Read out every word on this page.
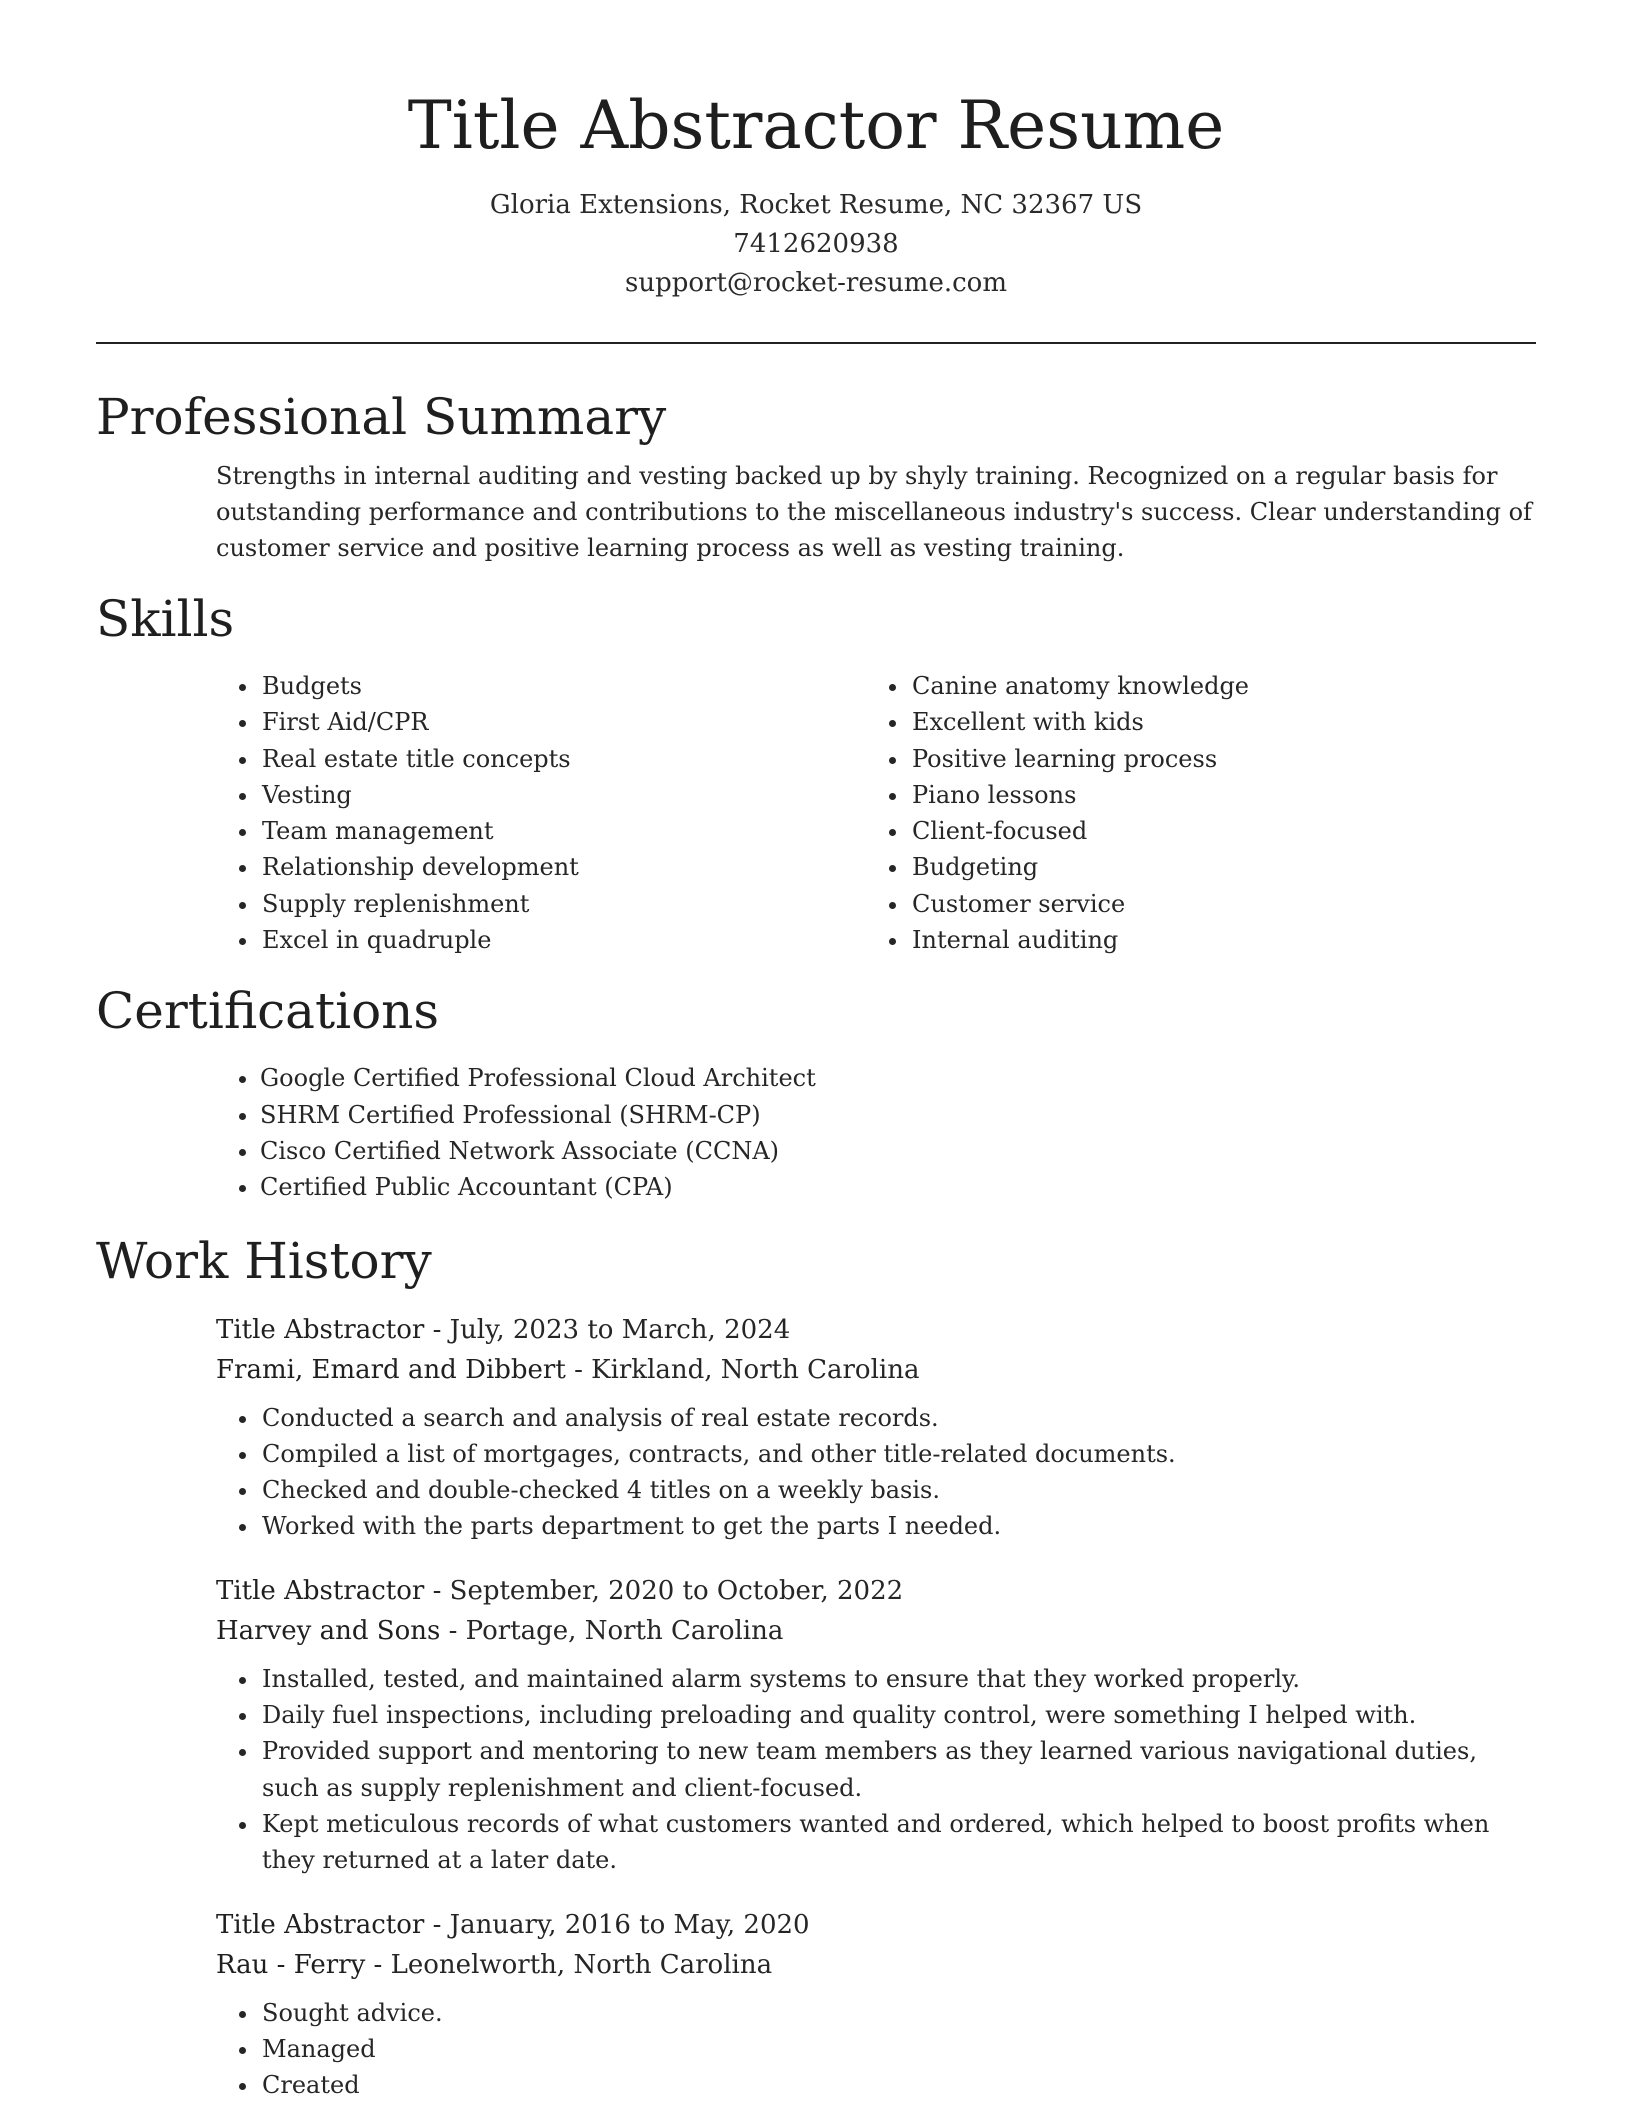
Title Abstractor Resume
Gloria Extensions, Rocket Resume, NC 32367 US
7412620938
support@rocket-resume.com
Professional Summary

Strengths in internal auditing and vesting backed up by shyly training. Recognized on a regular basis for outstanding performance and contributions to the miscellaneous industry's success. Clear understanding of customer service and positive learning process as well as vesting training.

Skills
• Budgets
• First Aid/CPR
• Real estate title concepts
• Vesting
• Team management
• Relationship development
• Supply replenishment
• Excel in quadruple
• Canine anatomy knowledge
• Excellent with kids
• Positive learning process
• Piano lessons
• Client-focused
• Budgeting
• Customer service
• Internal auditing
Certifications
• Google Certified Professional Cloud Architect
• SHRM Certified Professional (SHRM-CP)
• Cisco Certified Network Associate (CCNA)
• Certified Public Accountant (CPA)
Work History
Title Abstractor - July, 2023 to March, 2024
Frami, Emard and Dibbert - Kirkland, North Carolina
• Conducted a search and analysis of real estate records.
• Compiled a list of mortgages, contracts, and other title-related documents.
• Checked and double-checked 4 titles on a weekly basis.
• Worked with the parts department to get the parts I needed.
Title Abstractor - September, 2020 to October, 2022
Harvey and Sons - Portage, North Carolina
• Installed, tested, and maintained alarm systems to ensure that they worked properly.
• Daily fuel inspections, including preloading and quality control, were something I helped with.
• Provided support and mentoring to new team members as they learned various navigational duties, such as supply replenishment and client-focused.
• Kept meticulous records of what customers wanted and ordered, which helped to boost profits when they returned at a later date.
Title Abstractor - January, 2016 to May, 2020
Rau - Ferry - Leonelworth, North Carolina
• Sought advice.
• Managed
• Created
